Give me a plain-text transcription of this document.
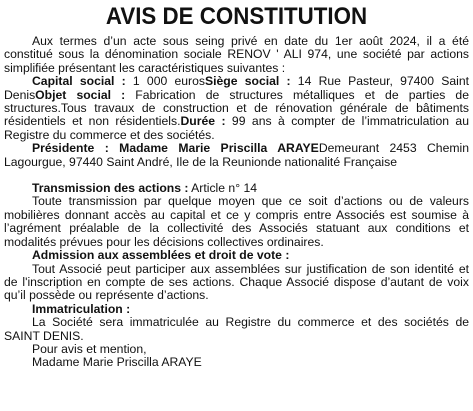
AVIS DE CONSTITUTION

Aux termes d’un acte sous seing privé en date du 1er août 2024, il a été constitué sous la dénomination sociale RENOV ' ALI 974, une société par actions simplifiée présentant les caractéristiques suivantes :

Capital social : 1 000 eurosSiège social : 14 Rue Pasteur, 97400 Saint DenisObjet social : Fabrication de structures métalliques et de parties de structures.Tous travaux de construction et de rénovation générale de bâtiments résidentiels et non résidentiels.Durée : 99 ans à compter de l’immatriculation au Registre du commerce et des sociétés.

Présidente : Madame Marie Priscilla ARAYEDemeurant 2453 Chemin Lagourgue, 97440 Saint André, Ile de la Reunionde nationalité Française

Transmission des actions : Article n° 14

Toute transmission par quelque moyen que ce soit d’actions ou de valeurs mobilières donnant accès au capital et ce y compris entre Associés est soumise à l’agrément préalable de la collectivité des Associés statuant aux conditions et modalités prévues pour les décisions collectives ordinaires.

Admission aux assemblées et droit de vote :

Tout Associé peut participer aux assemblées sur justification de son identité et de l'inscription en compte de ses actions. Chaque Associé dispose d’autant de voix qu’il possède ou représente d’actions.

Immatriculation :

La Société sera immatriculée au Registre du commerce et des sociétés de SAINT DENIS.

Pour avis et mention,

Madame Marie Priscilla ARAYE
